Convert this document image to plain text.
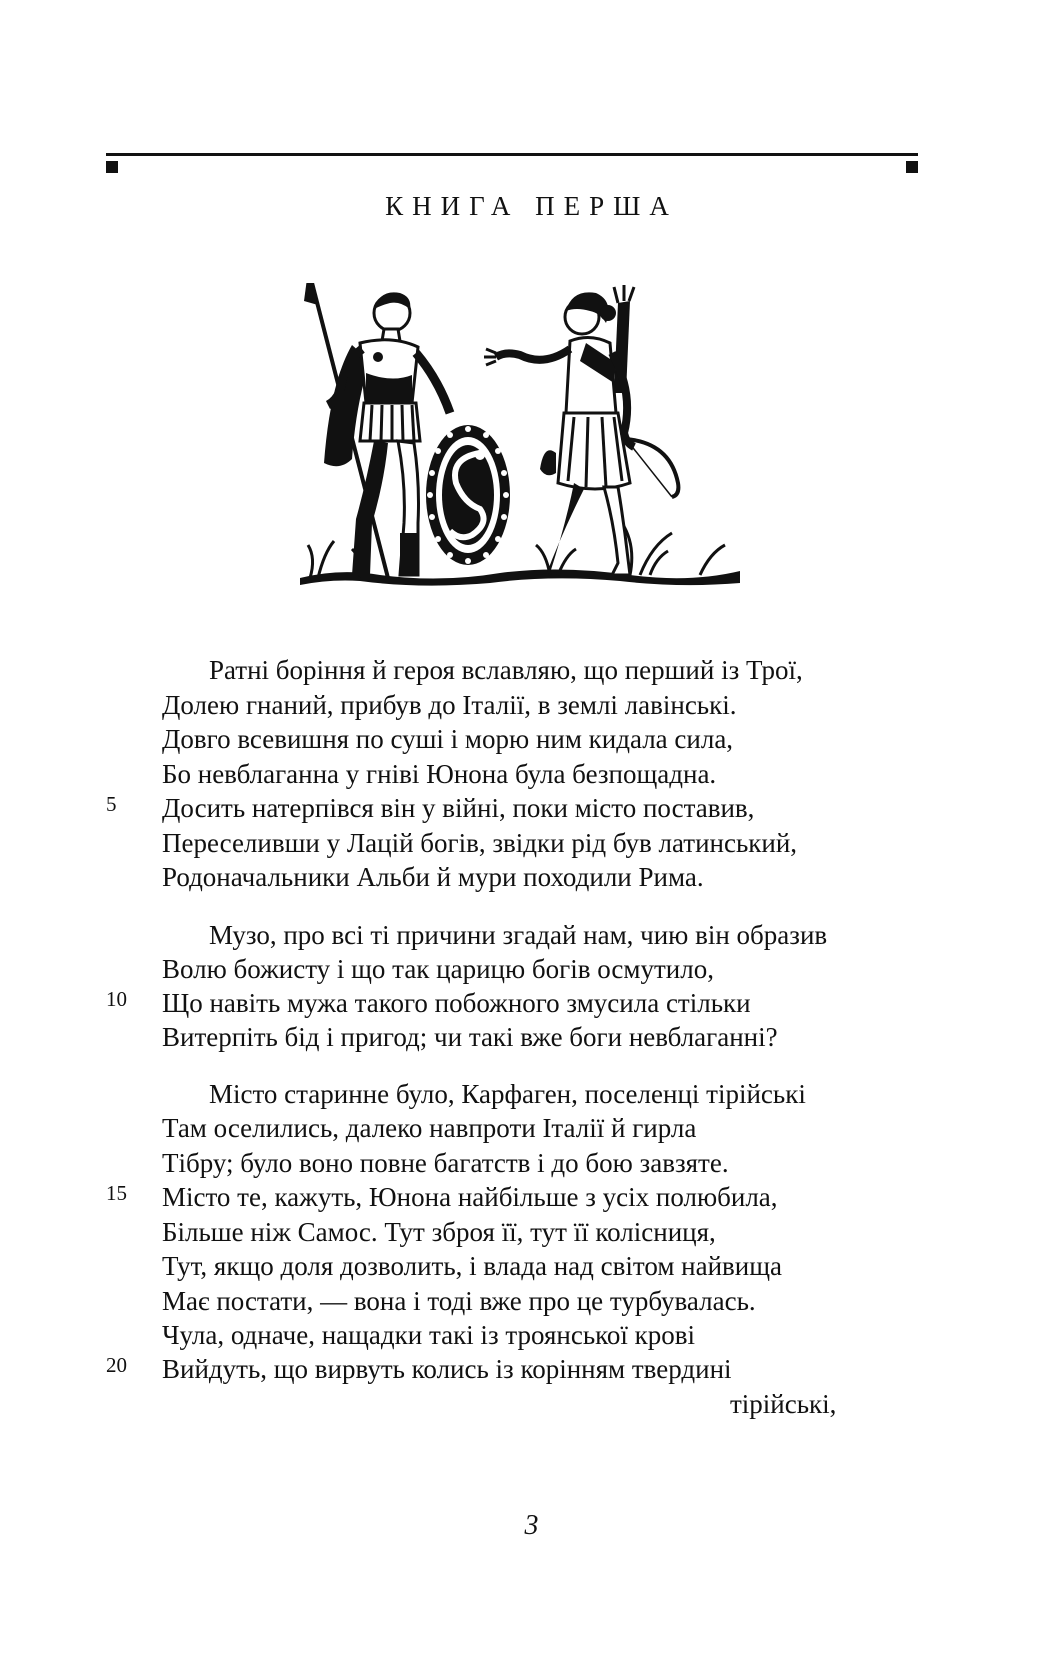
КНИГА ПЕРША
Ратні боріння й героя вславляю, що перший із Трої,
Долею гнаний, прибув до Італії, в землі лавінські.
Довго всевишня по суші і морю ним кидала сила,
Бо невблаганна у гніві Юнона була безпощадна.
5 Досить натерпівся він у війні, поки місто поставив,
Переселивши у Лацій богів, звідки рід був латинський,
Родоначальники Альби й мури походили Рима.
Музо, про всі ті причини згадай нам, чию він образив
Волю божисту і що так царицю богів осмутило,
10 Що навіть мужа такого побожного змусила стільки
Витерпіть бід і пригод; чи такі вже боги невблаганні?
Місто старинне було, Карфаген, поселенці тірійські
Там оселились, далеко навпроти Італії й гирла
Тібру; було воно повне багатств і до бою завзяте.
15 Місто те, кажуть, Юнона найбільше з усіх полюбила,
Більше ніж Самос. Тут зброя її, тут її колісниця,
Тут, якщо доля дозволить, і влада над світом найвища
Має постати, — вона і тоді вже про це турбувалась.
Чула, одначе, нащадки такі із троянської крові
20 Вийдуть, що вирвуть колись із корінням твердині
тірійські,
3
